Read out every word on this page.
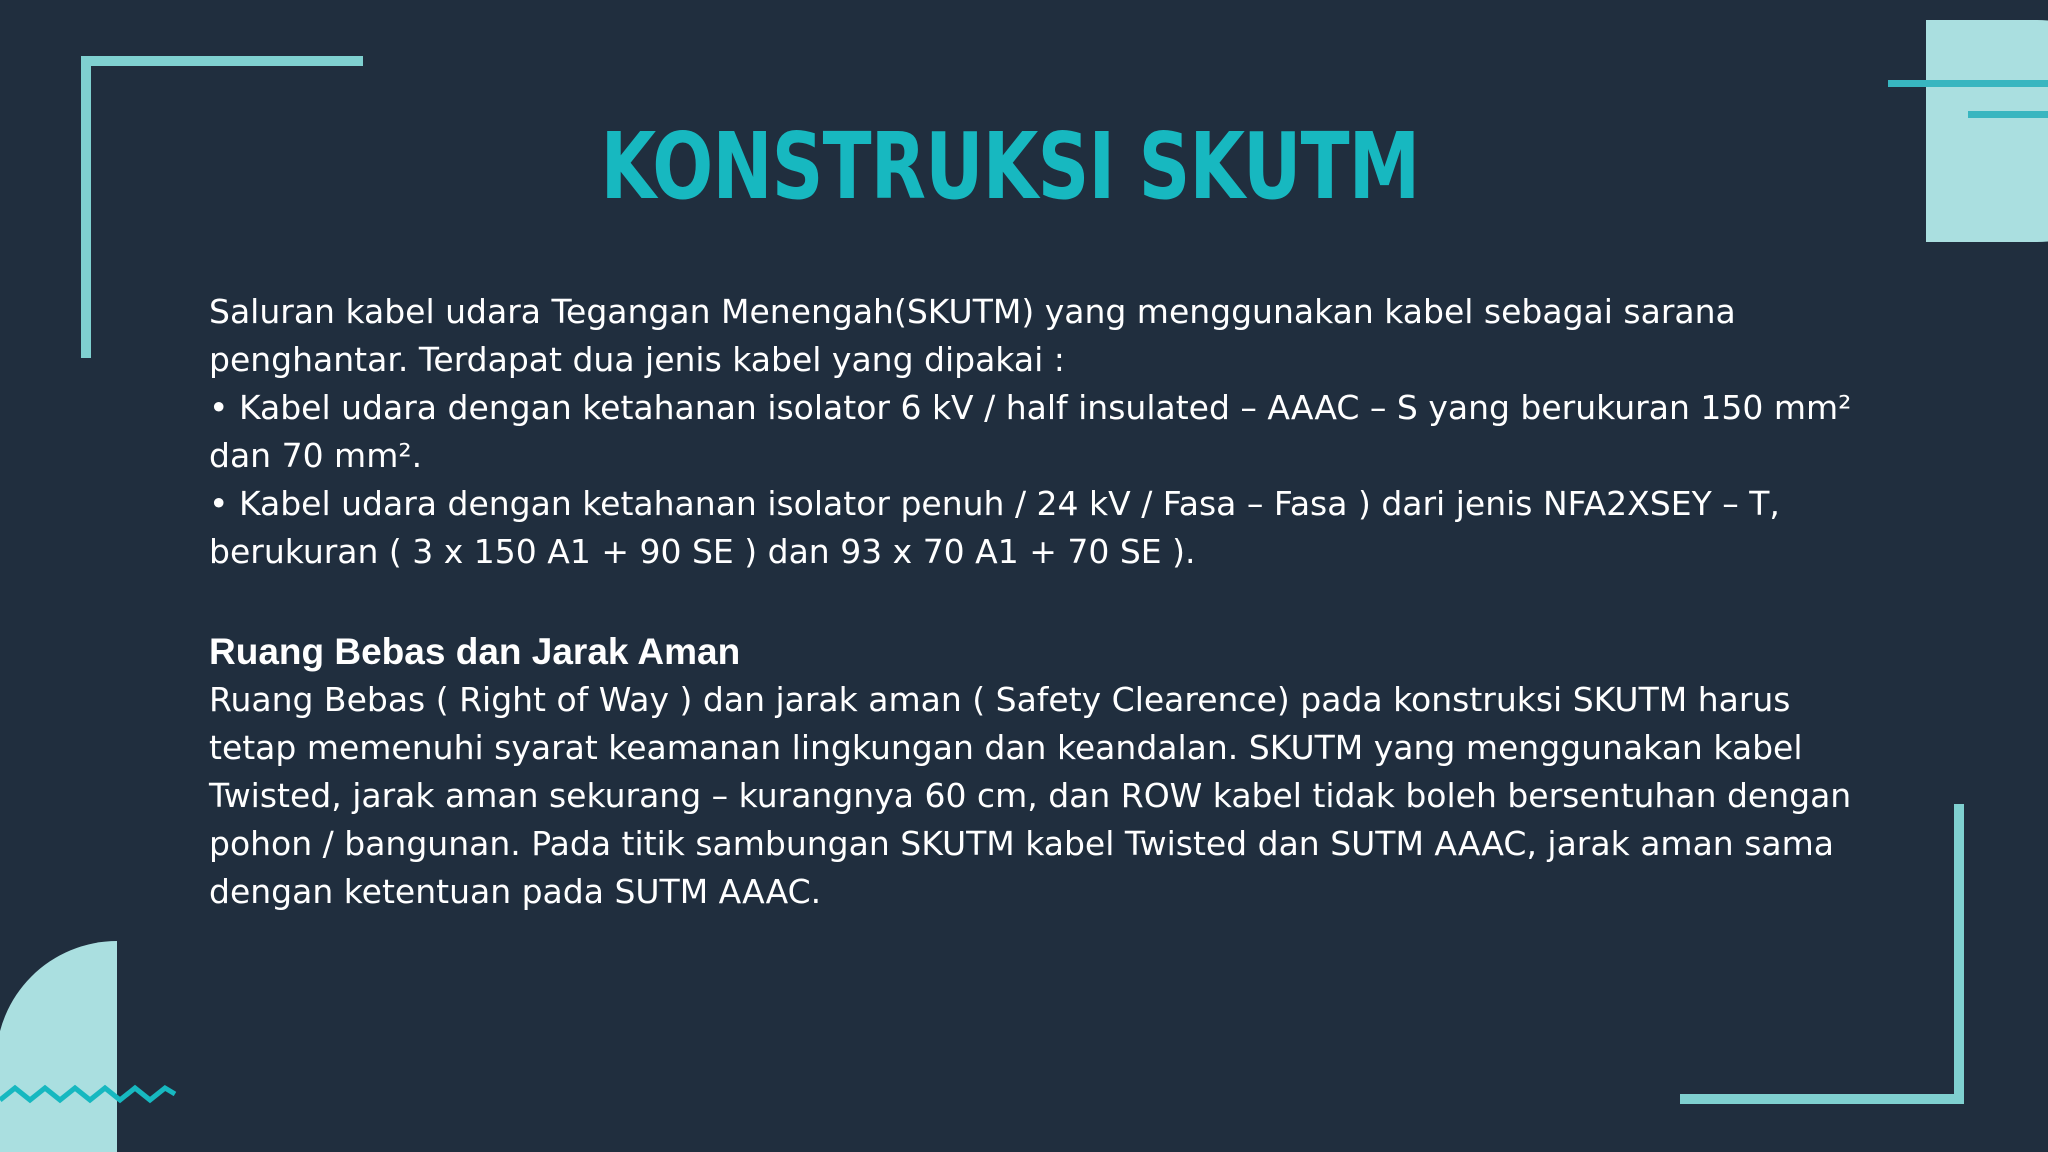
KONSTRUKSI SKUTM

Saluran kabel udara Tegangan Menengah(SKUTM) yang menggunakan kabel sebagai sarana penghantar. Terdapat dua jenis kabel yang dipakai :

• Kabel udara dengan ketahanan isolator 6 kV / half insulated – AAAC – S yang berukuran 150 mm² dan 70 mm².

• Kabel udara dengan ketahanan isolator penuh / 24 kV / Fasa – Fasa ) dari jenis NFA2XSEY – T, berukuran ( 3 x 150 A1 + 90 SE ) dan 93 x 70 A1 + 70 SE ).

Ruang Bebas dan Jarak Aman

Ruang Bebas ( Right of Way ) dan jarak aman ( Safety Clearence) pada konstruksi SKUTM harus tetap memenuhi syarat keamanan lingkungan dan keandalan. SKUTM yang menggunakan kabel Twisted, jarak aman sekurang – kurangnya 60 cm, dan ROW kabel tidak boleh bersentuhan dengan pohon / bangunan. Pada titik sambungan SKUTM kabel Twisted dan SUTM AAAC, jarak aman sama dengan ketentuan pada SUTM AAAC.
